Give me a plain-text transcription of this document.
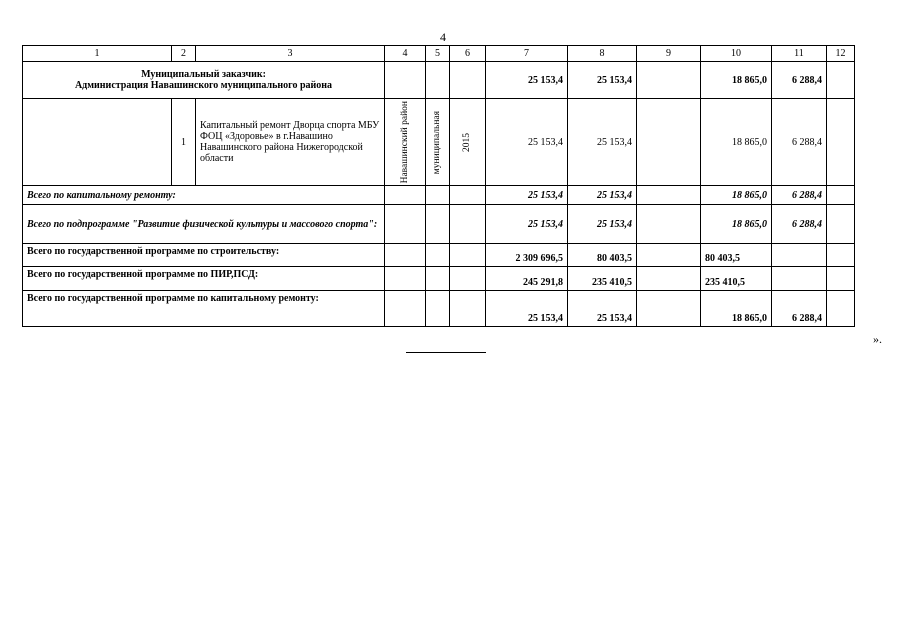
4
1	2	3	4	5	6	7	8	9	10	11	12

Муниципальный заказчик:
Администрация Навашинского муниципального района						25 153,4	25 153,4		18 865,0	6 288,4	
	1	Капитальный ремонт Дворца спорта МБУ ФОЦ «Здоровье» в г.Навашино Навашинского района Нижегородской области	Навашинский район	муниципальная	2015	25 153,4	25 153,4		18 865,0	6 288,4	
Всего по капитальному ремонту:						25 153,4	25 153,4		18 865,0	6 288,4	
Всего по подпрограмме "Развитие физической культуры и массового спорта":						25 153,4	25 153,4		18 865,0	6 288,4	
Всего по государственной программе по строительству:						2 309 696,5	80 403,5		80 403,5		
Всего по государственной программе по ПИР,ПСД:						245 291,8	235 410,5		235 410,5		
Всего по государственной программе по капитальному ремонту:						25 153,4	25 153,4		18 865,0	6 288,4	
».
